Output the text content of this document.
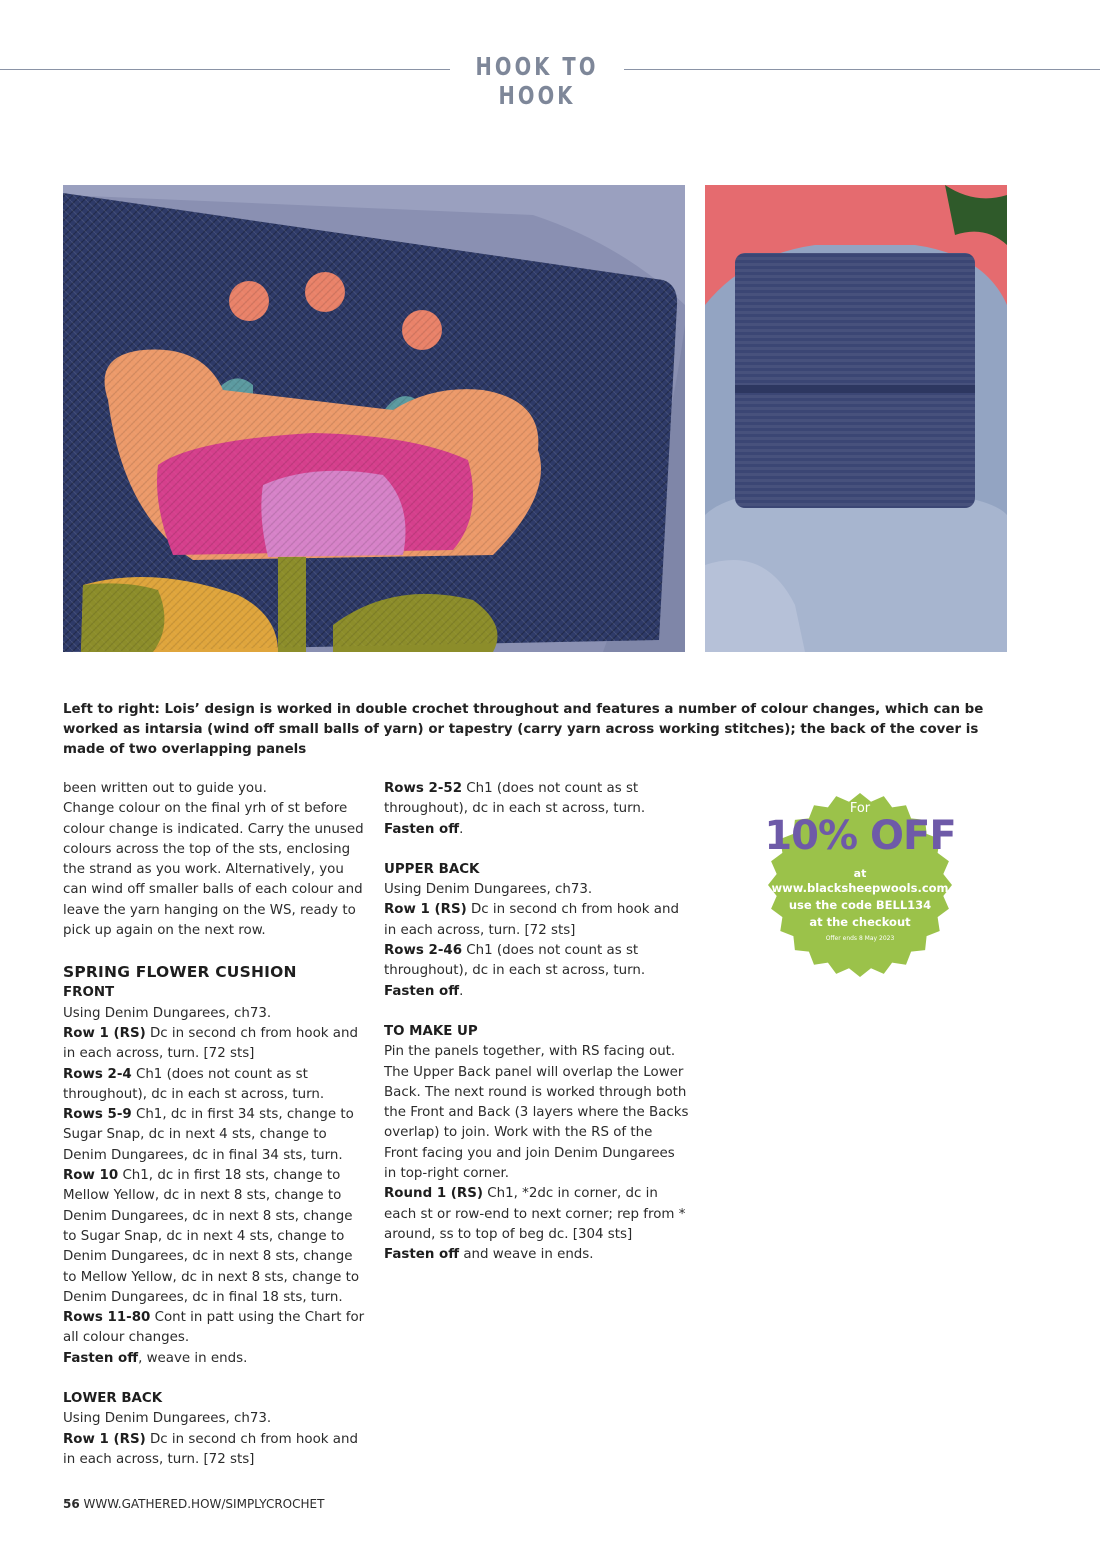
HOOK TO HOOK
Left to right: Lois’ design is worked in double crochet throughout and features a number of colour changes, which can be worked as intarsia (wind off small balls of yarn) or tapestry (carry yarn across working stitches); the back of the cover is made of two overlapping panels

been written out to guide you.

Change colour on the final yrh of st before colour change is indicated. Carry the unused colours across the top of the sts, enclosing the strand as you work. Alternatively, you can wind off smaller balls of each colour and leave the yarn hanging on the WS, ready to pick up again on the next row.

SPRING FLOWER CUSHION
FRONT

Using Denim Dungarees, ch73.

Row 1 (RS) Dc in second ch from hook and in each across, turn. [72 sts]

Rows 2-4 Ch1 (does not count as st throughout), dc in each st across, turn.

Rows 5-9 Ch1, dc in first 34 sts, change to Sugar Snap, dc in next 4 sts, change to Denim Dungarees, dc in final 34 sts, turn.

Row 10 Ch1, dc in first 18 sts, change to Mellow Yellow, dc in next 8 sts, change to Denim Dungarees, dc in next 8 sts, change to Sugar Snap, dc in next 4 sts, change to Denim Dungarees, dc in next 8 sts, change to Mellow Yellow, dc in next 8 sts, change to Denim Dungarees, dc in final 18 sts, turn.

Rows 11-80 Cont in patt using the Chart for all colour changes.

Fasten off, weave in ends.

LOWER BACK

Using Denim Dungarees, ch73.

Row 1 (RS) Dc in second ch from hook and in each across, turn. [72 sts]

Rows 2-52 Ch1 (does not count as st throughout), dc in each st across, turn.

Fasten off.

UPPER BACK

Using Denim Dungarees, ch73.

Row 1 (RS) Dc in second ch from hook and in each across, turn. [72 sts]

Rows 2-46 Ch1 (does not count as st throughout), dc in each st across, turn.

Fasten off.

TO MAKE UP

Pin the panels together, with RS facing out. The Upper Back panel will overlap the Lower Back. The next round is worked through both the Front and Back (3 layers where the Backs overlap) to join. Work with the RS of the Front facing you and join Denim Dungarees in top-right corner.

Round 1 (RS) Ch1, *2dc in corner, dc in each st or row-end to next corner; rep from * around, ss to top of beg dc. [304 sts]

Fasten off and weave in ends.

For
10% OFF
at
www.blacksheepwools.com
use the code BELL134
at the checkout
Offer ends 8 May 2023
56 WWW.GATHERED.HOW/SIMPLYCROCHET
